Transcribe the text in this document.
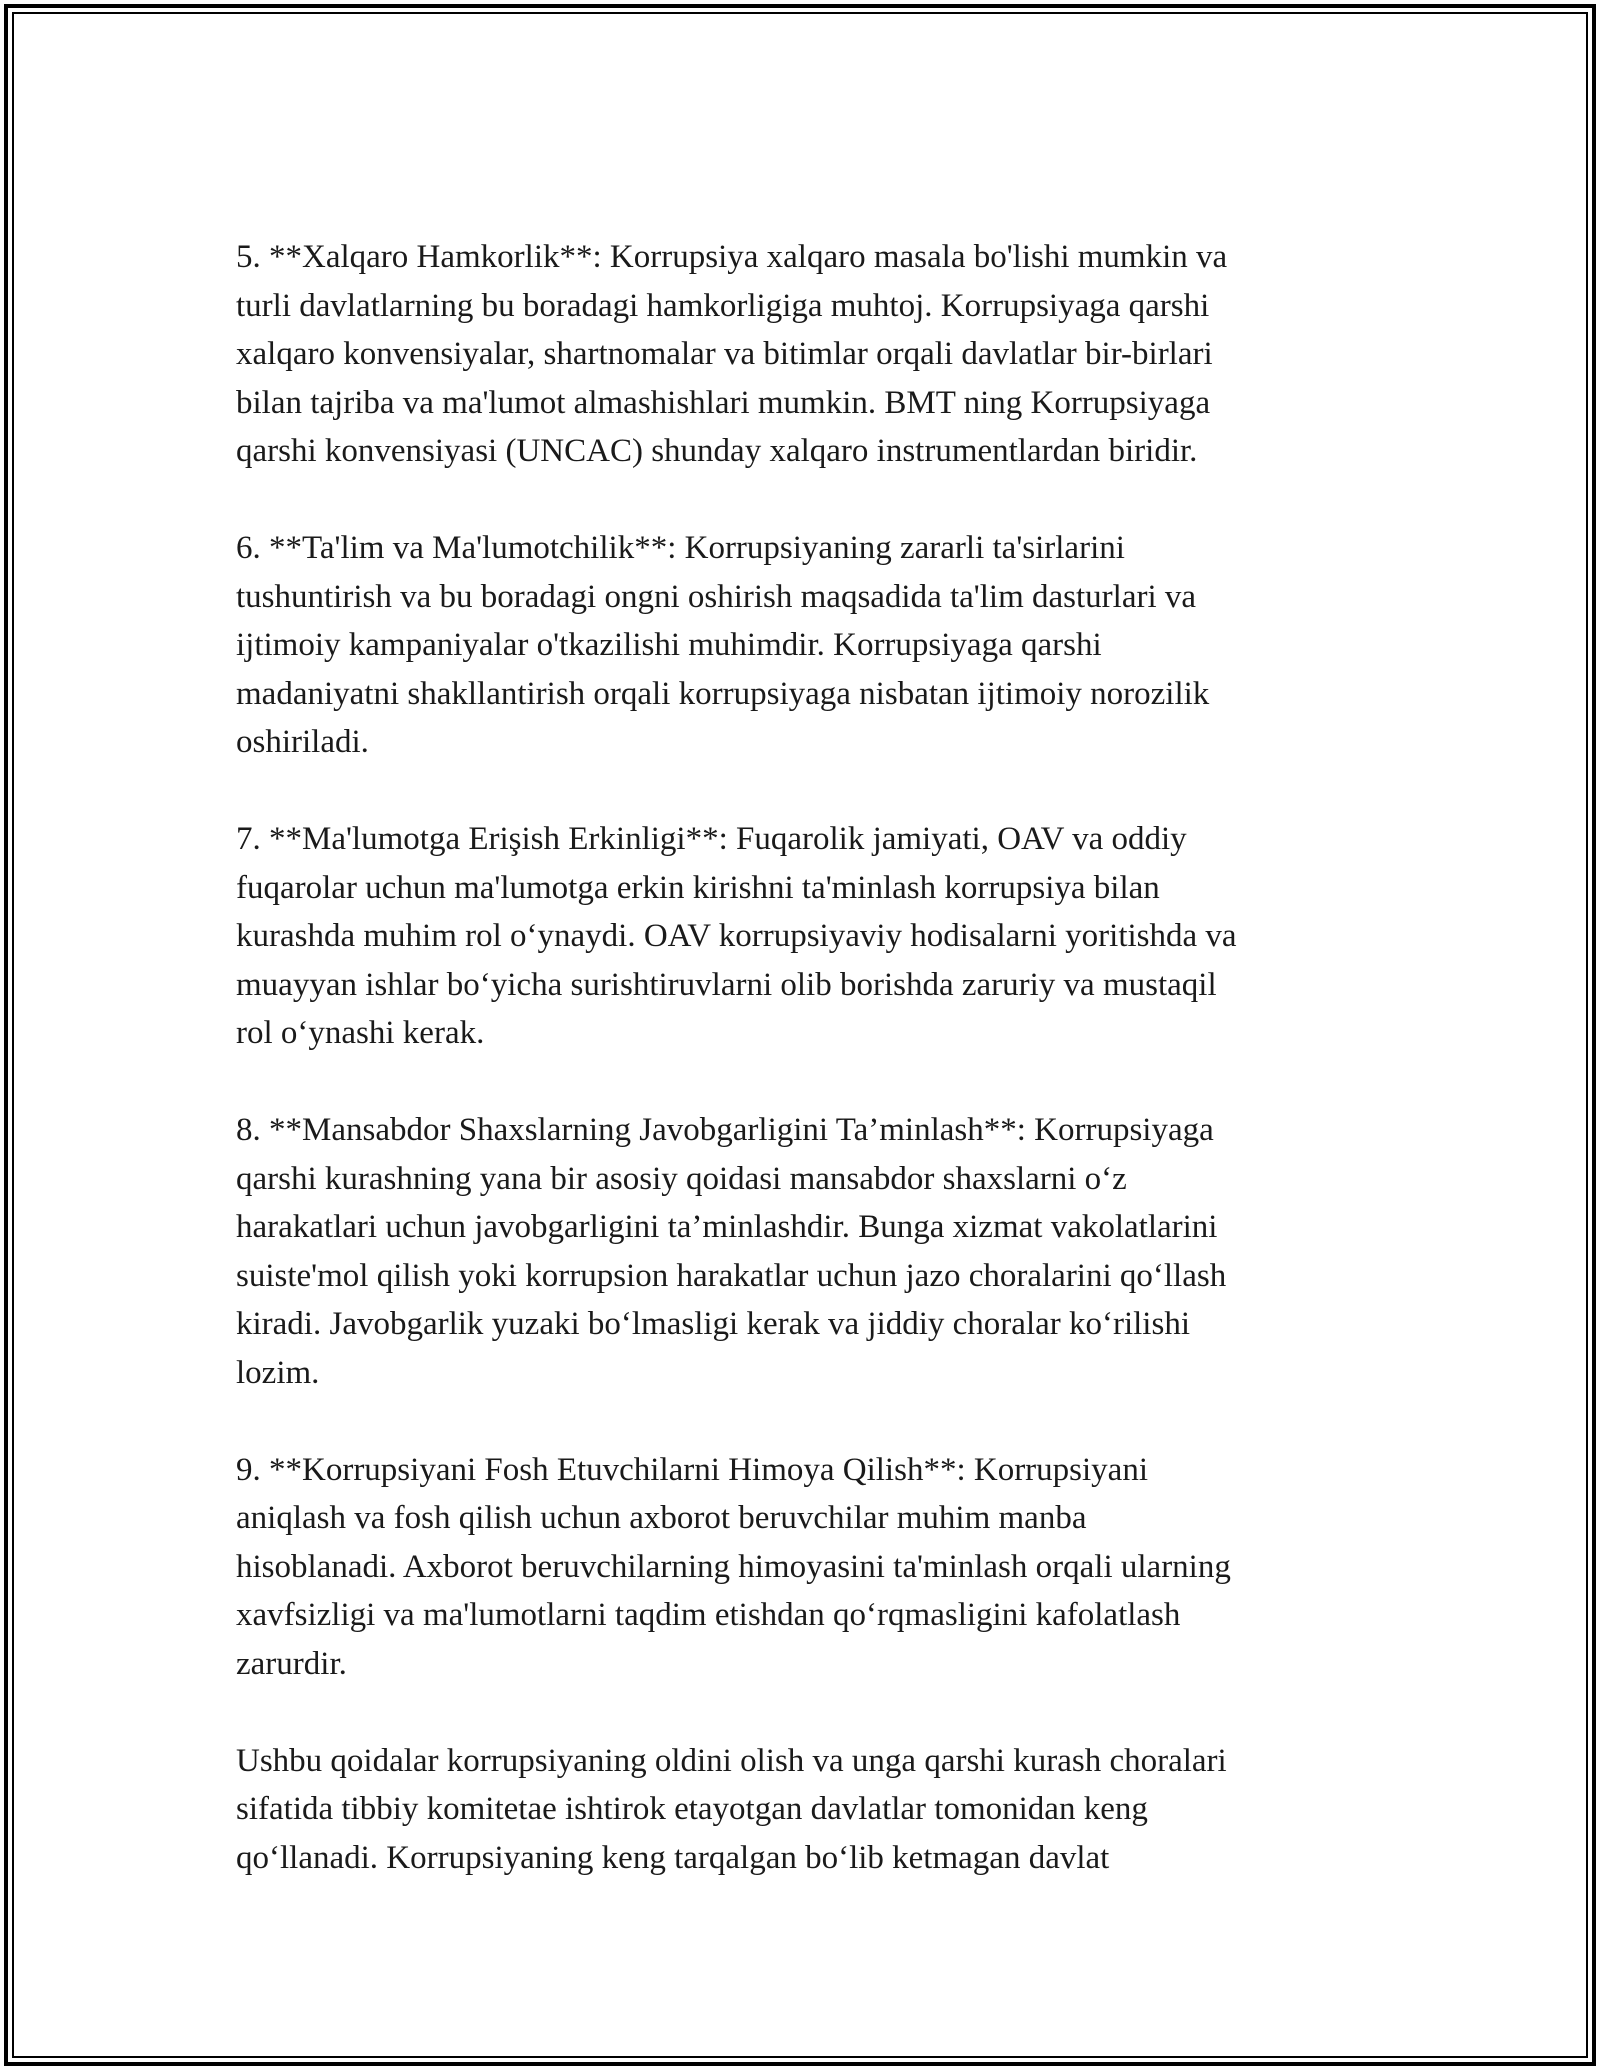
5. **Xalqaro Hamkorlik**: Korrupsiya xalqaro masala bo'lishi mumkin va
turli davlatlarning bu boradagi hamkorligiga muhtoj. Korrupsiyaga qarshi
xalqaro konvensiyalar, shartnomalar va bitimlar orqali davlatlar bir-birlari
bilan tajriba va ma'lumot almashishlari mumkin. BMT ning Korrupsiyaga
qarshi konvensiyasi (UNCAC) shunday xalqaro instrumentlardan biridir.

6. **Ta'lim va Ma'lumotchilik**: Korrupsiyaning zararli ta'sirlarini
tushuntirish va bu boradagi ongni oshirish maqsadida ta'lim dasturlari va
ijtimoiy kampaniyalar o'tkazilishi muhimdir. Korrupsiyaga qarshi
madaniyatni shakllantirish orqali korrupsiyaga nisbatan ijtimoiy norozilik
oshiriladi.

7. **Ma'lumotga Erişish Erkinligi**: Fuqarolik jamiyati, OAV va oddiy
fuqarolar uchun ma'lumotga erkin kirishni ta'minlash korrupsiya bilan
kurashda muhim rol o‘ynaydi. OAV korrupsiyaviy hodisalarni yoritishda va
muayyan ishlar bo‘yicha surishtiruvlarni olib borishda zaruriy va mustaqil
rol o‘ynashi kerak.

8. **Mansabdor Shaxslarning Javobgarligini Ta’minlash**: Korrupsiyaga
qarshi kurashning yana bir asosiy qoidasi mansabdor shaxslarni o‘z
harakatlari uchun javobgarligini ta’minlashdir. Bunga xizmat vakolatlarini
suiste'mol qilish yoki korrupsion harakatlar uchun jazo choralarini qo‘llash
kiradi. Javobgarlik yuzaki bo‘lmasligi kerak va jiddiy choralar ko‘rilishi
lozim.

9. **Korrupsiyani Fosh Etuvchilarni Himoya Qilish**: Korrupsiyani
aniqlash va fosh qilish uchun axborot beruvchilar muhim manba
hisoblanadi. Axborot beruvchilarning himoyasini ta'minlash orqali ularning
xavfsizligi va ma'lumotlarni taqdim etishdan qo‘rqmasligini kafolatlash
zarurdir.

Ushbu qoidalar korrupsiyaning oldini olish va unga qarshi kurash choralari
sifatida tibbiy komitetae ishtirok etayotgan davlatlar tomonidan keng
qo‘llanadi. Korrupsiyaning keng tarqalgan bo‘lib ketmagan davlat
